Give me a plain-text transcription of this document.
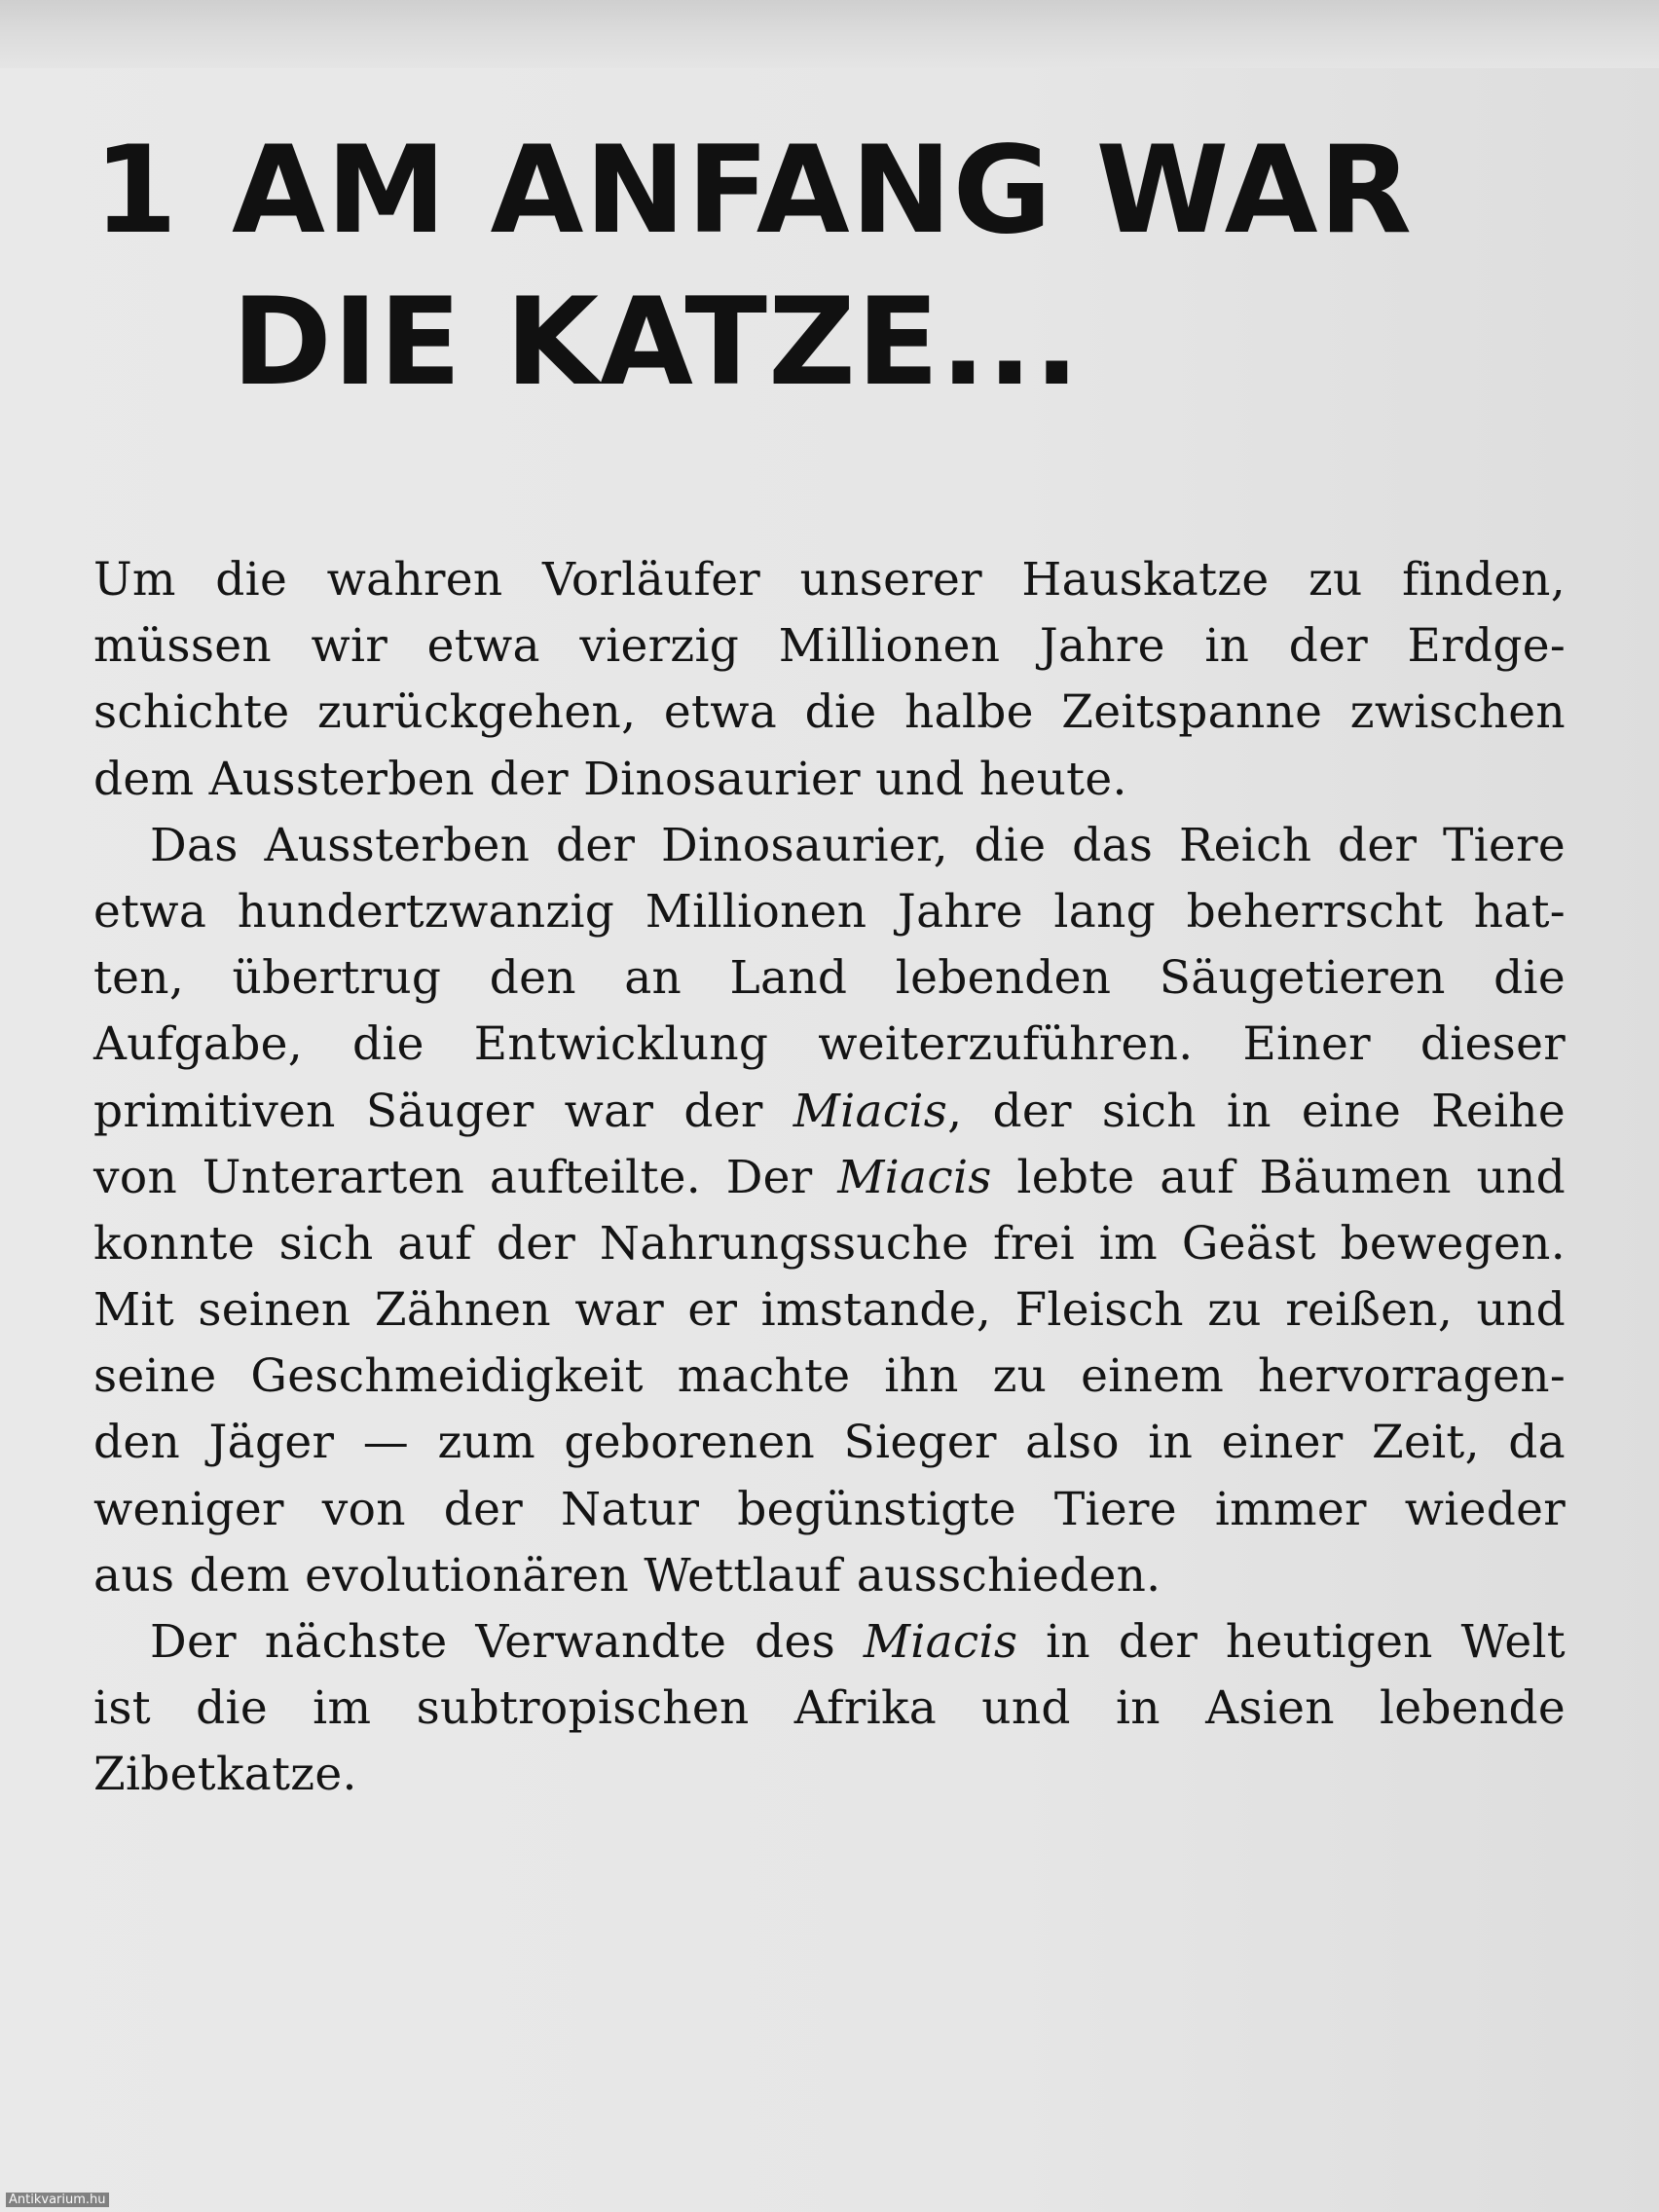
1 AM ANFANG WAR
DIE KATZE...
Um die wahren Vorläufer unserer Hauskatze zu finden,
müssen wir etwa vierzig Millionen Jahre in der Erdge-
schichte zurückgehen, etwa die halbe Zeitspanne zwischen
dem Aussterben der Dinosaurier und heute.
Das Aussterben der Dinosaurier, die das Reich der Tiere
etwa hundertzwanzig Millionen Jahre lang beherrscht hat-
ten, übertrug den an Land lebenden Säugetieren die
Aufgabe, die Entwicklung weiterzuführen. Einer dieser
primitiven Säuger war der Miacis, der sich in eine Reihe
von Unterarten aufteilte. Der Miacis lebte auf Bäumen und
konnte sich auf der Nahrungssuche frei im Geäst bewegen.
Mit seinen Zähnen war er imstande, Fleisch zu reißen, und
seine Geschmeidigkeit machte ihn zu einem hervorragen-
den Jäger — zum geborenen Sieger also in einer Zeit, da
weniger von der Natur begünstigte Tiere immer wieder
aus dem evolutionären Wettlauf ausschieden.
Der nächste Verwandte des Miacis in der heutigen Welt
ist die im subtropischen Afrika und in Asien lebende
Zibetkatze.
Antikvarium.hu
